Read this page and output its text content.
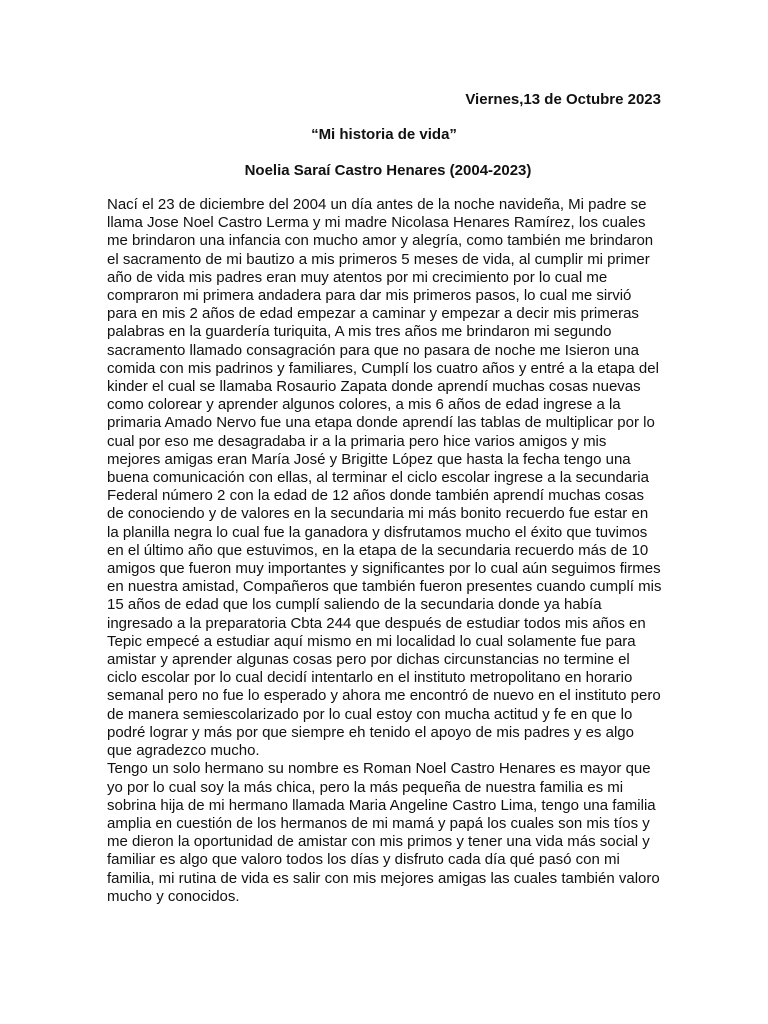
Viernes,13 de Octubre 2023
“Mi historia de vida”
Noelia Saraí Castro Henares (2004-2023)

Nací el 23 de diciembre del 2004 un día antes de la noche navideña, Mi padre se llama Jose Noel Castro Lerma y mi madre Nicolasa Henares Ramírez, los cuales me brindaron una infancia con mucho amor y alegría, como también me brindaron el sacramento de mi bautizo a mis primeros 5 meses de vida, al cumplir mi primer año de vida mis padres eran muy atentos por mi crecimiento por lo cual me compraron mi primera andadera para dar mis primeros pasos, lo cual me sirvió para en mis 2 años de edad empezar a caminar y empezar a decir mis primeras palabras en la guardería turiquita, A mis tres años me brindaron mi segundo sacramento llamado consagración para que no pasara de noche me Isieron una comida con mis padrinos y familiares, Cumplí los cuatro años y entré a la etapa del kinder el cual se llamaba Rosaurio Zapata donde aprendí muchas cosas nuevas como colorear y aprender algunos colores, a mis 6 años de edad ingrese a la primaria Amado Nervo fue una etapa donde aprendí las tablas de multiplicar por lo cual por eso me desagradaba ir a la primaria pero hice varios amigos y mis mejores amigas eran María José y Brigitte López que hasta la fecha tengo una buena comunicación con ellas, al terminar el ciclo escolar ingrese a la secundaria Federal número 2 con la edad de 12 años donde también aprendí muchas cosas de conociendo y de valores en la secundaria mi más bonito recuerdo fue estar en la planilla negra lo cual fue la ganadora y disfrutamos mucho el éxito que tuvimos en el último año que estuvimos, en la etapa de la secundaria recuerdo más de 10 amigos que fueron muy importantes y significantes por lo cual aún seguimos firmes en nuestra amistad, Compañeros que también fueron presentes cuando cumplí mis 15 años de edad que los cumplí saliendo de la secundaria donde ya había ingresado a la preparatoria Cbta 244 que después de estudiar todos mis años en Tepic empecé a estudiar aquí mismo en mi localidad lo cual solamente fue para amistar y aprender algunas cosas pero por dichas circunstancias no termine el ciclo escolar por lo cual decidí intentarlo en el instituto metropolitano en horario semanal pero no fue lo esperado y ahora me encontró de nuevo en el instituto pero de manera semiescolarizado por lo cual estoy con mucha actitud y fe en que lo podré lograr y más por que siempre eh tenido el apoyo de mis padres y es algo que agradezco mucho.

Tengo un solo hermano su nombre es Roman Noel Castro Henares es mayor que yo por lo cual soy la más chica, pero la más pequeña de nuestra familia es mi sobrina hija de mi hermano llamada Maria Angeline Castro Lima, tengo una familia amplia en cuestión de los hermanos de mi mamá y papá los cuales son mis tíos y me dieron la oportunidad de amistar con mis primos y tener una vida más social y familiar es algo que valoro todos los días y disfruto cada día qué pasó con mi familia, mi rutina de vida es salir con mis mejores amigas las cuales también valoro mucho y conocidos.
